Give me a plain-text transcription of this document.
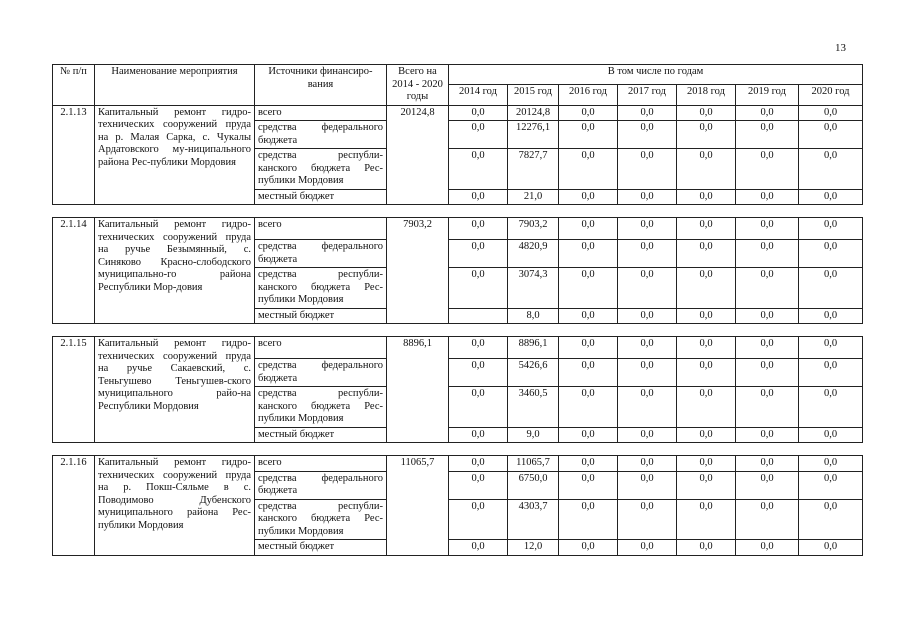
13
№ п/п	Наименование мероприятия	Источники финансиро-вания	Всего на 2014 - 2020 годы	В том числе по годам						
				2014 год	2015 год	2016 год	2017 год	2018 год	2019 год	2020 год
2.1.13	Капитальный ремонт гидро-технических сооружений пруда на р. Малая Сарка, с. Чукалы Ардатовского му-ниципального района Рес-публики Мордовия	всего	20124,8	0,0	20124,8	0,0	0,0	0,0	0,0	0,0
		средства федерального бюджета		0,0	12276,1	0,0	0,0	0,0	0,0	0,0
		средства республи-канского бюджета Рес-публики Мордовия		0,0	7827,7	0,0	0,0	0,0	0,0	0,0
		местный бюджет		0,0	21,0	0,0	0,0	0,0	0,0	0,0

2.1.14	Капитальный ремонт гидро-технических сооружений пруда на ручье Безымянный, с. Синяково Красно-слободского муниципально-го района Республики Мор-довия	всего	7903,2	0,0	7903,2	0,0	0,0	0,0	0,0	0,0
		средства федерального бюджета		0,0	4820,9	0,0	0,0	0,0	0,0	0,0
		средства республи-канского бюджета Рес-публики Мордовия		0,0	3074,3	0,0	0,0	0,0	0,0	0,0
		местный бюджет			8,0	0,0	0,0	0,0	0,0	0,0

2.1.15	Капитальный ремонт гидро-технических сооружений пруда на ручье Сакаевский, с. Теньгушево Теньгушев-ского муниципального райо-на Республики Мордовия	всего	8896,1	0,0	8896,1	0,0	0,0	0,0	0,0	0,0
		средства федерального бюджета		0,0	5426,6	0,0	0,0	0,0	0,0	0,0
		средства республи-канского бюджета Рес-публики Мордовия		0,0	3460,5	0,0	0,0	0,0	0,0	0,0
		местный бюджет		0,0	9,0	0,0	0,0	0,0	0,0	0,0

2.1.16	Капитальный ремонт гидро-технических сооружений пруда на р. Покш-Сяльме в с. Поводимово Дубенского муниципального района Рес-публики Мордовия	всего	11065,7	0,0	11065,7	0,0	0,0	0,0	0,0	0,0
		средства федерального бюджета		0,0	6750,0	0,0	0,0	0,0	0,0	0,0
		средства республи-канского бюджета Рес-публики Мордовия		0,0	4303,7	0,0	0,0	0,0	0,0	0,0
		местный бюджет		0,0	12,0	0,0	0,0	0,0	0,0	0,0
